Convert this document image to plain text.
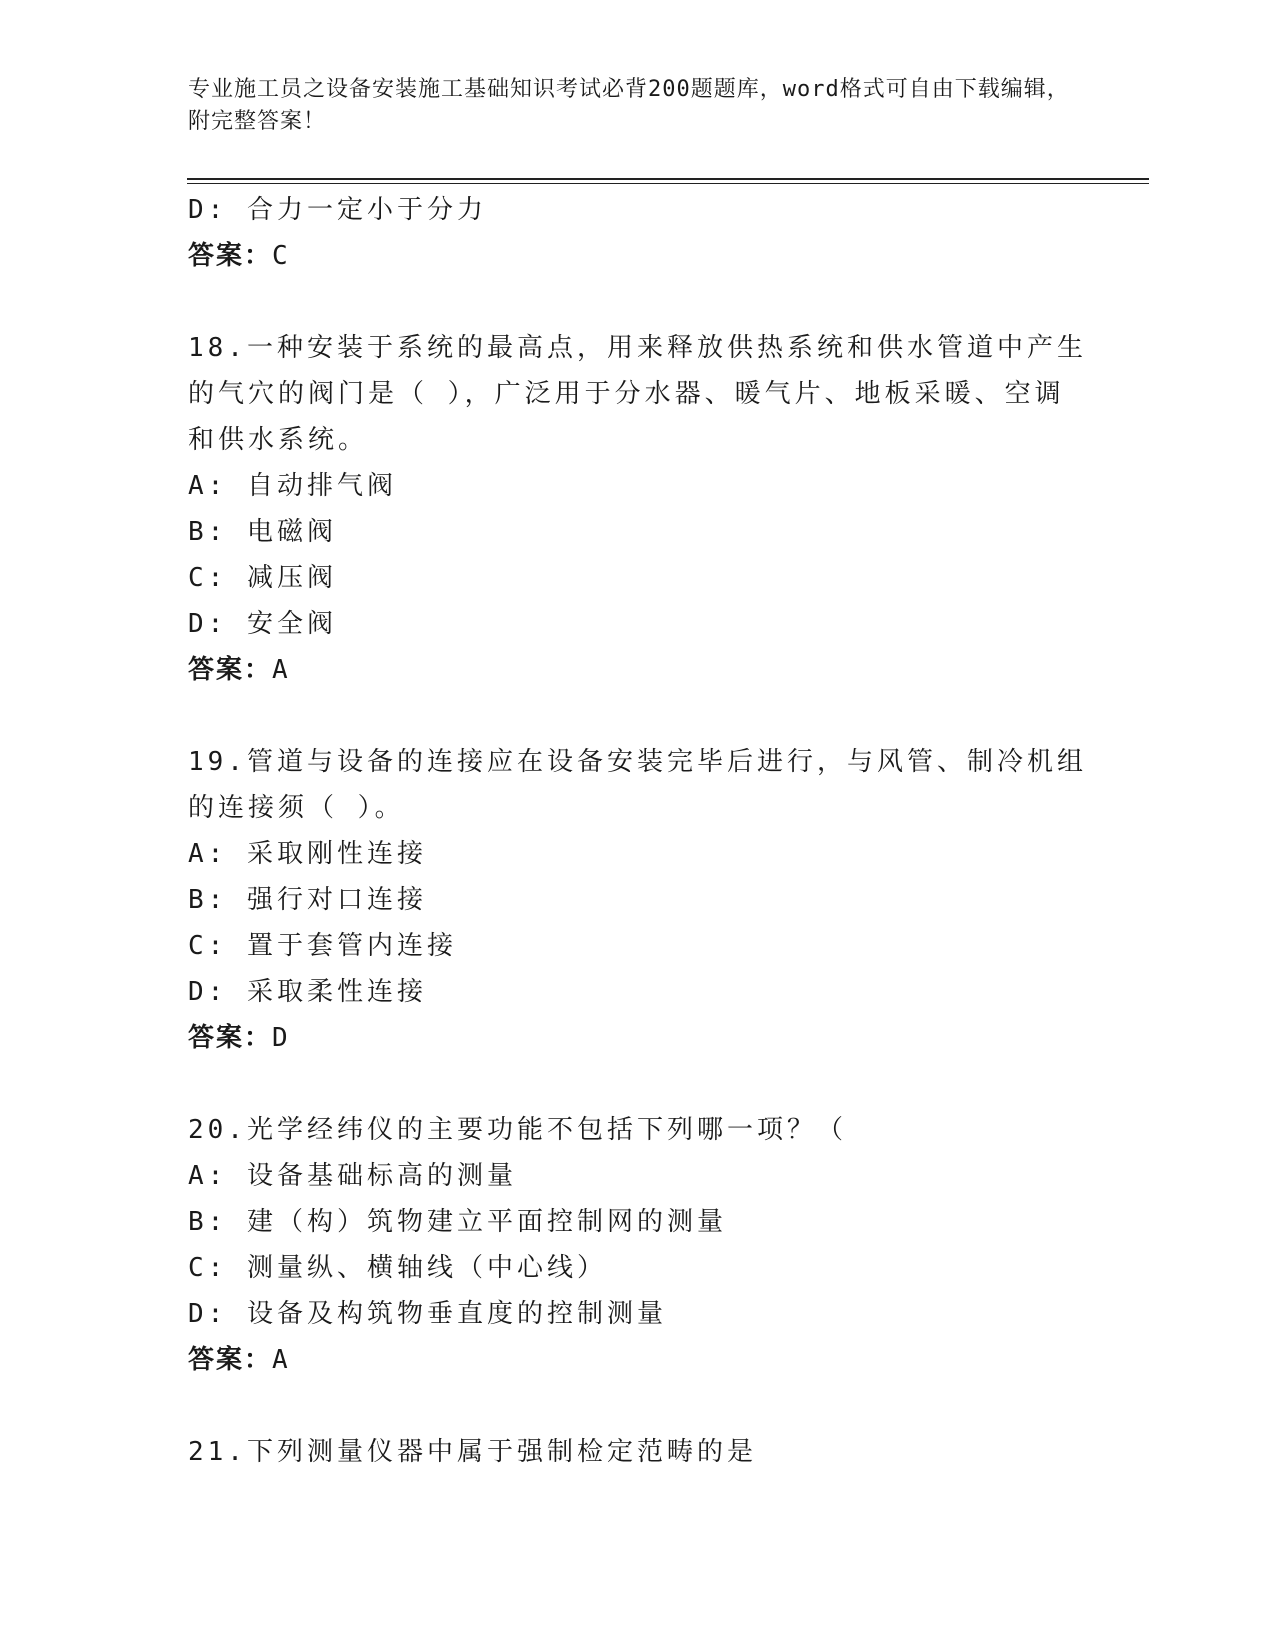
专业施工员之设备安装施工基础知识考试必背200题题库，word格式可自由下载编辑，附完整答案！
D: 合力一定小于分力
答案：C
18.一种安装于系统的最高点，用来释放供热系统和供水管道中产生的气穴的阀门是（ ），广泛用于分水器、暖气片、地板采暖、空调和供水系统。
A: 自动排气阀
B: 电磁阀
C: 减压阀
D: 安全阀
答案：A
19.管道与设备的连接应在设备安装完毕后进行，与风管、制冷机组的连接须（ ）。
A: 采取刚性连接
B: 强行对口连接
C: 置于套管内连接
D: 采取柔性连接
答案：D
20.光学经纬仪的主要功能不包括下列哪一项？（
A: 设备基础标高的测量
B: 建（构）筑物建立平面控制网的测量
C: 测量纵、横轴线（中心线）
D: 设备及构筑物垂直度的控制测量
答案：A
21.下列测量仪器中属于强制检定范畴的是
